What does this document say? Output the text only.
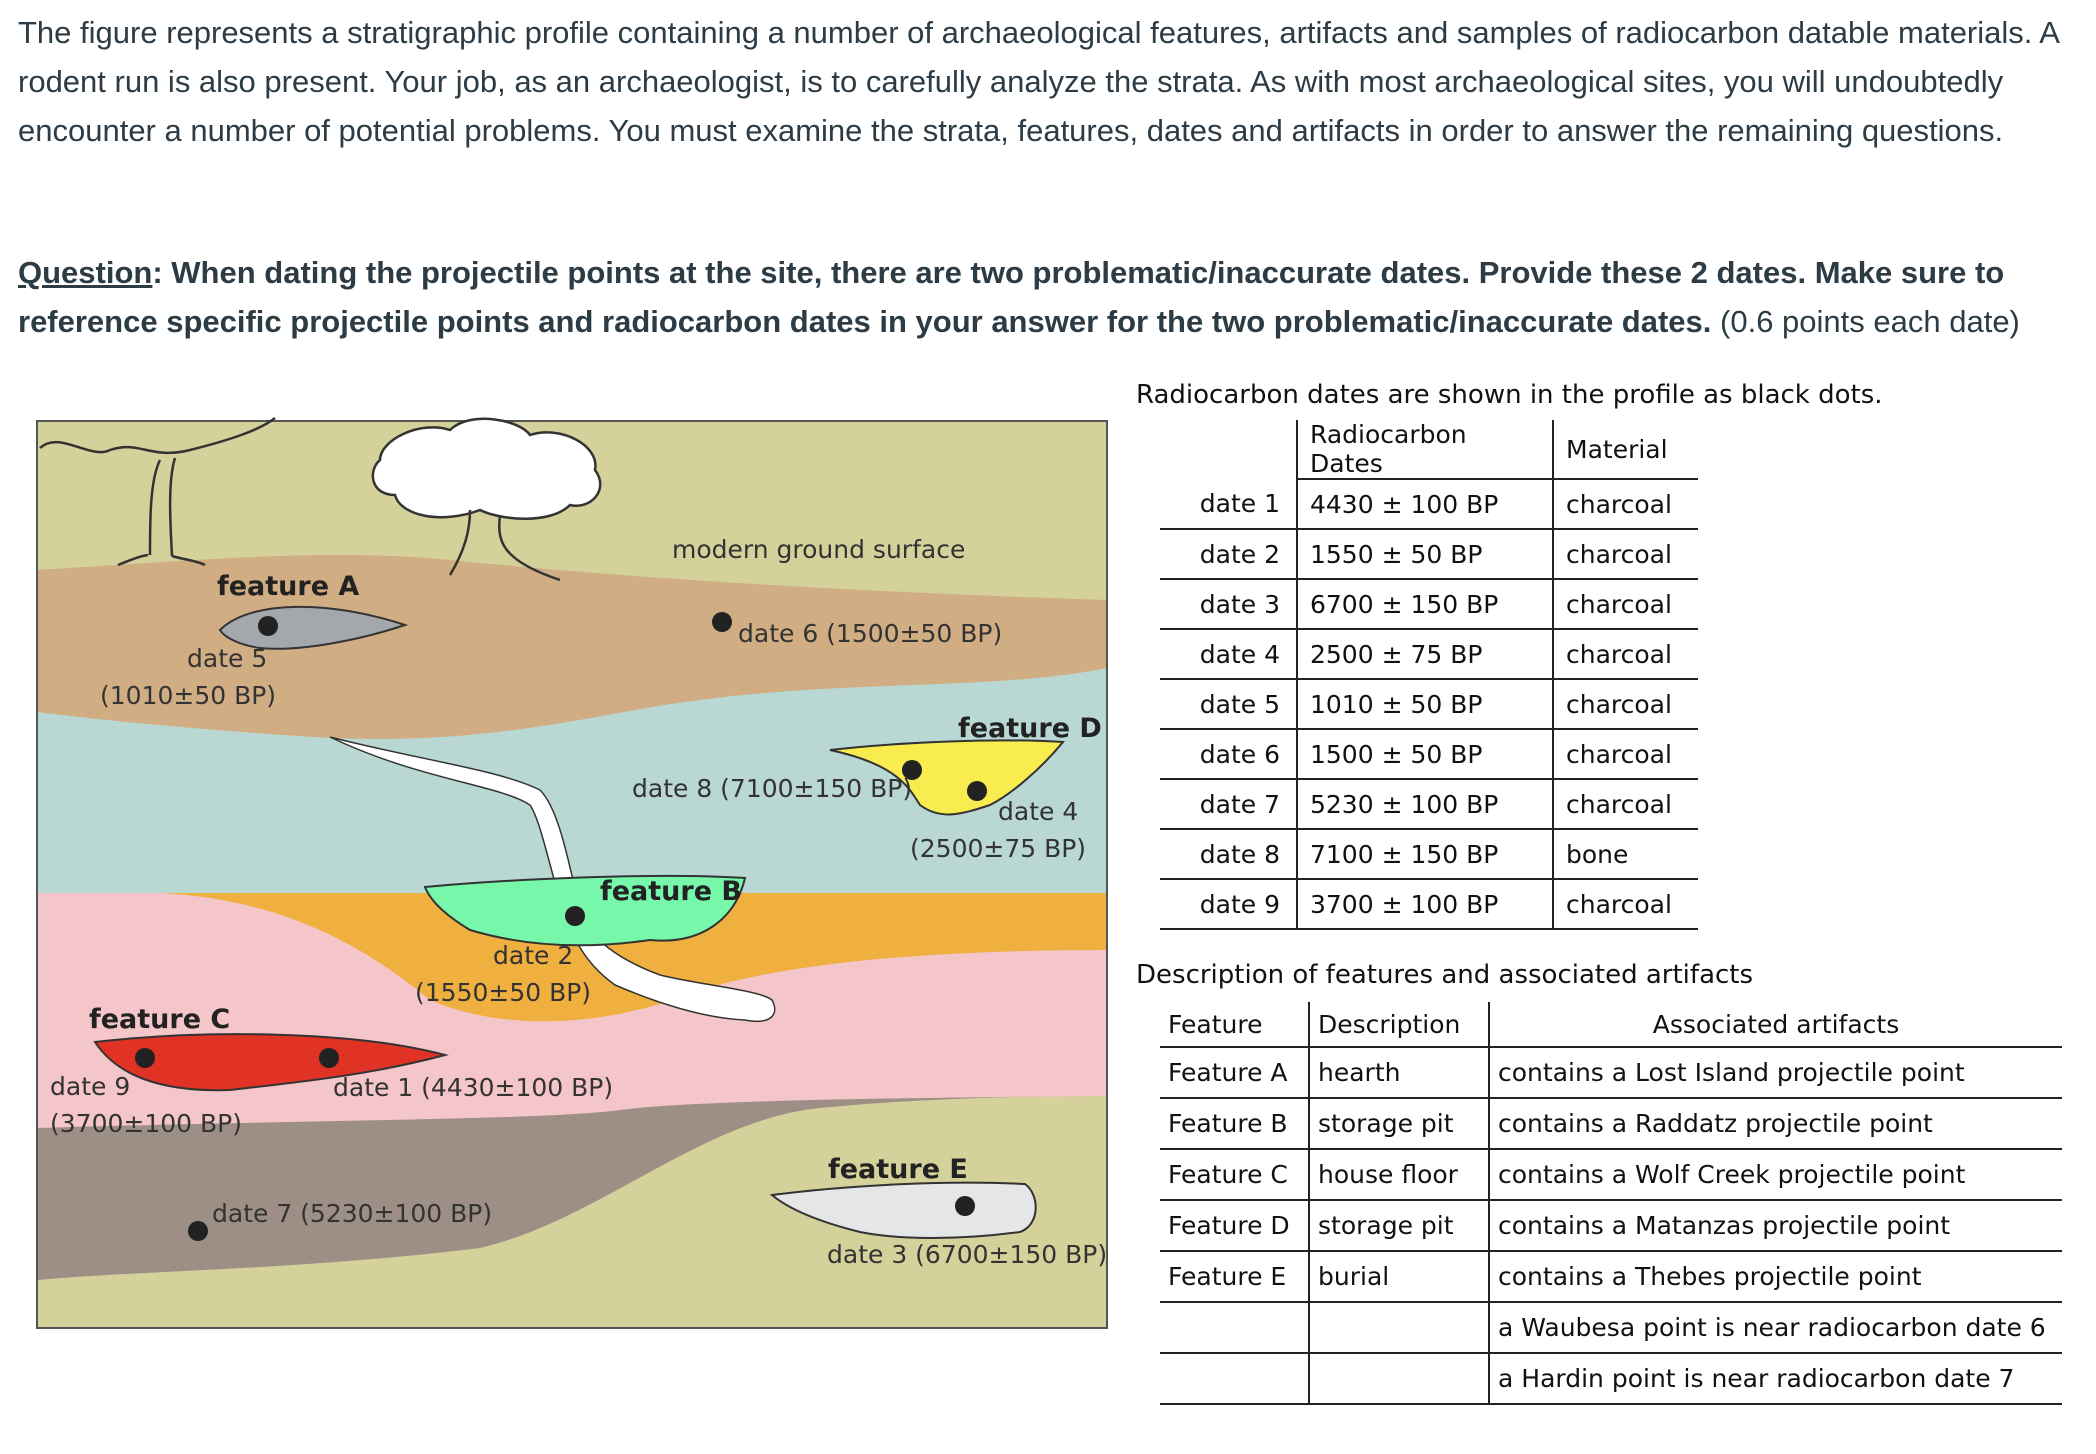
The figure represents a stratigraphic profile containing a number of archaeological features, artifacts and samples of radiocarbon datable materials. A rodent run is also present. Your job, as an archaeologist, is to carefully analyze the strata. As with most archaeological sites, you will undoubtedly encounter a number of potential problems. You must examine the strata, features, dates and artifacts in order to answer the remaining questions.

Question: When dating the projectile points at the site, there are two problematic/inaccurate dates. Provide these 2 dates. Make sure to reference specific projectile points and radiocarbon dates in your answer for the two problematic/inaccurate dates. (0.6 points each date)

modern ground surface
feature A
feature B
feature C
feature D
feature E
date 5
(1010±50 BP)
date 6 (1500±50 BP)
date 8 (7100±150 BP)
date 4
(2500±75 BP)
date 2
(1550±50 BP)
date 9
(3700±100 BP)
date 1 (4430±100 BP)
date 7 (5230±100 BP)
date 3 (6700±150 BP)
Radiocarbon dates are shown in the profile as black dots.
	Radiocarbon Dates	Material
date 1	4430 ± 100 BP	charcoal
date 2	1550 ± 50 BP	charcoal
date 3	6700 ± 150 BP	charcoal
date 4	2500 ± 75 BP	charcoal
date 5	1010 ± 50 BP	charcoal
date 6	1500 ± 50 BP	charcoal
date 7	5230 ± 100 BP	charcoal
date 8	7100 ± 150 BP	bone
date 9	3700 ± 100 BP	charcoal
Description of features and associated artifacts
Feature	Description	Associated artifacts
Feature A	hearth	contains a Lost Island projectile point
Feature B	storage pit	contains a Raddatz projectile point
Feature C	house floor	contains a Wolf Creek projectile point
Feature D	storage pit	contains a Matanzas projectile point
Feature E	burial	contains a Thebes projectile point
		a Waubesa point is near radiocarbon date 6
		a Hardin point is near radiocarbon date 7
